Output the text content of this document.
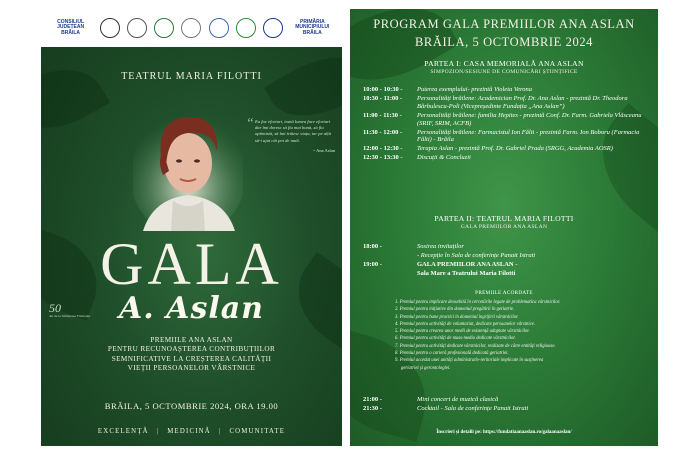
CONSILIUL JUDEȚEAN BRĂILA
PRIMĂRIA MUNICIPIULUI BRĂILA
TEATRUL MARIA FILOTTI
“ Eu fac eforturi, toată lumea face eforturi dar îmi doresc să fiu mai bună, să fiu optimistă, să îmi trăiesc viața, iar pe alții să-i ajut cât pot de mult.
~ Ana Aslan
GALA
A. Aslan
50
ani de la înființarea Fundației
PREMIILE ANA ASLAN
PENTRU RECUNOAȘTEREA CONTRIBUȚIILOR
SEMNIFICATIVE LA CREȘTEREA CALITĂȚII
VIEȚII PERSOANELOR VÂRSTNICE
BRĂILA, 5 OCTOMBRIE 2024, ORA 19.00
EXCELENȚĂ | MEDICINĂ | COMUNITATE
PROGRAM GALA PREMIILOR ANA ASLAN
BRĂILA, 5 OCTOMBRIE 2024
PARTEA I: CASA MEMORIALĂ ANA ASLAN
SIMPOZION/SESIUNE DE COMUNICĂRI ȘTIINȚIFICE
10:00 - 10:30 -	Puterea exemplului- prezintă Violeta Verona
10:30 - 11:00 -	Personalități brăilene: Academician Prof. Dr. Ana Aslan - prezintă Dr. Theodora Bărbulescu-Poli (Vicepreședinte Fundația „Ana Aslan”)
11:00 - 11:30 -	Personalități brăilene: familia Hepites - prezintă Conf. Dr. Farm. Gabriela Vlăsceanu (SRIF, SRIM, ACFB)
11:30 - 12:00 -	Personalități brăilene: Farmacistul Ion Fălti - prezintă Farm. Ion Boboru (Farmacia Fălti) - Brăila
12:00 - 12:30 -	Terapia Aslan - prezintă Prof. Dr. Gabriel Prada (SRGG, Academia AOSR)
12:30 - 13:30 -	Discuții & Concluzii
PARTEA II: TEATRUL MARIA FILOTTI
GALA PREMIILOR ANA ASLAN
18:00 -	Sosirea invitaților
- Recepție în Sala de conferințe Panait Istrati
19:00 -	GALA PREMIILOR ANA ASLAN -
Sala Mare a Teatrului Maria Filotti
PREMIILE ACORDATE
1. Premiul pentru implicare deosebită în cercetările legate de problematica vârstnicilor.
2. Premiul pentru inițiative din domeniul pregătirii în geriatrie.
3. Premiul pentru bune practici în domeniul îngrijirii vârstnicilor.
4. Premiul pentru activități de voluntariat, dedicate persoanelor vârstnice.
5. Premiul pentru crearea unor medii de existență adaptate vârstnicilor.
6. Premiul pentru activități de mass-media dedicate vârstnicilor.
7. Premiul pentru activități dedicate vârstnicilor, realizate de către entități religioase.
8. Premiul pentru o carieră profesională dedicată geriatriei.
9. Premiul acordat unei unități administrativ-teritoriale implicate în susținerea
geriatriei și gerontologiei.
21:00 -	Mini concert de muzică clasică
21:30 -	Cocktail - Sala de conferințe Panait Istrati
Înscrieri și detalii pe: https://fundatiaanaaslan.ro/galaanaaslan/
